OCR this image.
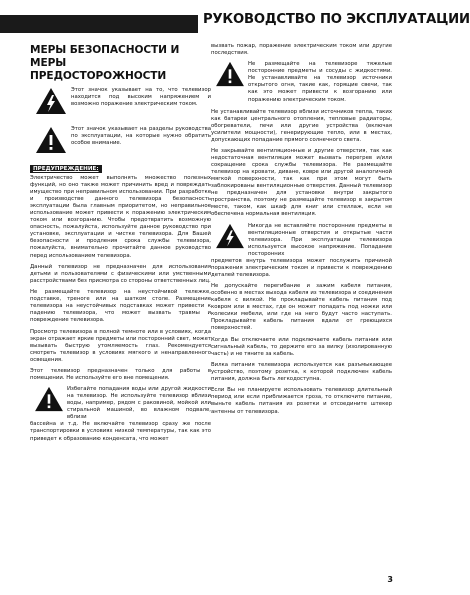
РУКОВОДСТВО ПО ЭКСПЛУАТАЦИИ
МЕРЫ БЕЗОПАСНОСТИ И МЕРЫ
ПРЕДОСТОРОЖНОСТИ
Этот значок указывает на то, что телевизор находится под высоким напряжением и возможно поражение электрическим током.
Этот значок указывает на разделы руководства по эксплуатации, на которые нужно обратить особое внимание.
ПРЕДУПРЕЖДЕНИЕ:

Электричество может выполнять множество полезных функций, но оно также может причинить вред и повреждать имущество при неправильном использовании. При разработке и производстве данного телевизора безопасность эксплуатации была главным приоритетом, но неправильное использование может привести к поражению электрическим током или возгоранию. Чтобы предотвратить возможную опасность, пожалуйста, используйте данное руководство при установке, эксплуатации и чистке телевизора. Для Вашей безопасности и продления срока службы телевизора, пожалуйста, внимательно прочитайте данное руководство перед использованием телевизора.

Данный телевизор не предназначен для использования детьми и пользователями с физическими или умственными расстройствами без присмотра со стороны ответственных лиц.

Не размещайте телевизор на неустойчивой тележке, подставке, треноге или на шатком столе. Размещение телевизора на неустойчивых подставках может привести к падению телевизора, что может вызвать травмы и повреждение телевизора.

Просмотр телевизора в полной темноте или в условиях, когда экран отражает яркие предметы или посторонний свет, может вызывать быструю утомляемость глаз. Рекомендуется смотреть телевизор в условиях мягкого и ненаправленного освещения.

Этот телевизор предназначен только для работы в помещении. Не используйте его вне помещения.

Избегайте попадания воды или другой жидкости на телевизор. Не используйте телевизор вблизи воды, например, рядом с раковиной, мойкой или стиральной машиной, во влажном подвале, вблизи

бассейна и т.д. Не включайте телевизор сразу же после транспортировки в условиях низкой температуры, так как это приведет к образованию конденсата, что может

вызвать пожар, поражение электрическим током или другие последствия.

Не размещайте на телевизоре тяжелые посторонние предметы и сосуды с жидкостями. Не устанавливайте на телевизор источники открытого огня, такие как, горящие свечи, так как это может привести к возгоранию или поражению электрическим током.

Не устанавливайте телевизор вблизи источников тепла, таких как батареи центрального отопления, тепловые радиаторы, обогреватели, печи или другие устройства (включая усилители мощности), генерирующие тепло, или в местах, допускающих попадание прямого солнечного света.

Не закрывайте вентиляционные и другие отверстия, так как недостаточная вентиляция может вызвать перегрев и/или сокращение срока службы телевизора. Не размещайте телевизор на кровати, диване, ковре или другой аналогичной мягкой поверхности, так как при этом могут быть заблокированы вентиляционные отверстия. Данный телевизор не предназначен для установки внутри закрытого пространства, поэтому не размещайте телевизор в закрытом месте, таком, как шкаф для книг или стеллаж, если не обеспечена нормальная вентиляция.

Никогда не вставляйте посторонние предметы в вентиляционные отверстия и открытые части телевизора. При эксплуатации телевизора используется высокое напряжение. Попадание посторонних

предметов внутрь телевизора может послужить причиной поражения электрическим током и привести к повреждению деталей телевизора.

Не допускайте перегибание и зажим кабеля питания, особенно в местах выхода кабеля из телевизора и соединения кабеля с вилкой. Не прокладывайте кабель питания под ковром или в местах, где он может попадать под ножки или колесики мебели, или где на него будут часто наступать. Прокладывайте кабель питания вдали от греющихся поверхностей.

Когда Вы отключаете или подключаете кабель питания или сигнальный кабель, то держите его за вилку (изолированную часть) и не тяните за кабель.

Вилка питания телевизора используется как разъмыкающее устройство, поэтому розетка, к которой подключен кабель питания, должна быть легкодоступна.

Если Вы не планируете использовать телевизор длительный период или если приближается гроза, то отключите питание, выньте кабель питания из розетки и отсоедините штекер антенны от телевизора.

3
